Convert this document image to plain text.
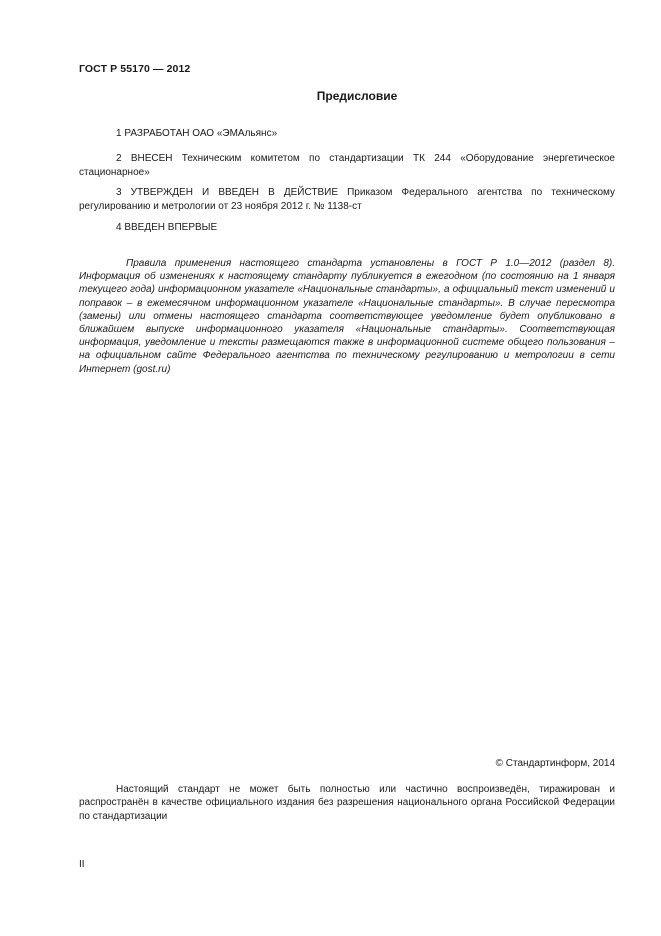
ГОСТ Р 55170 — 2012
Предисловие

1 РАЗРАБОТАН ОАО «ЭМАльянс»

2 ВНЕСЕН Техническим комитетом по стандартизации ТК 244 «Оборудование энергетическое стационарное»

3 УТВЕРЖДЕН И ВВЕДЕН В ДЕЙСТВИЕ Приказом Федерального агентства по техническому регулированию и метрологии от 23 ноября 2012 г. № 1138-ст

4 ВВЕДЕН ВПЕРВЫЕ

Правила применения настоящего стандарта установлены в ГОСТ Р 1.0—2012 (раздел 8). Информация об изменениях к настоящему стандарту публикуется в ежегодном (по состоянию на 1 января текущего года) информационном указателе «Национальные стандарты», а официальный текст изменений и поправок – в ежемесячном информационном указателе «Национальные стандарты». В случае пересмотра (замены) или отмены настоящего стандарта соответствующее уведомление будет опубликовано в ближайшем выпуске информационного указателя «Национальные стандарты». Соответствующая информация, уведомление и тексты размещаются также в информационной системе общего пользования – на официальном сайте Федерального агентства по техническому регулированию и метрологии в сети Интернет (gost.ru)

© Стандартинформ, 2014

Настоящий стандарт не может быть полностью или частично воспроизведён, тиражирован и распространён в качестве официального издания без разрешения национального органа Российской Федерации по стандартизации

II
